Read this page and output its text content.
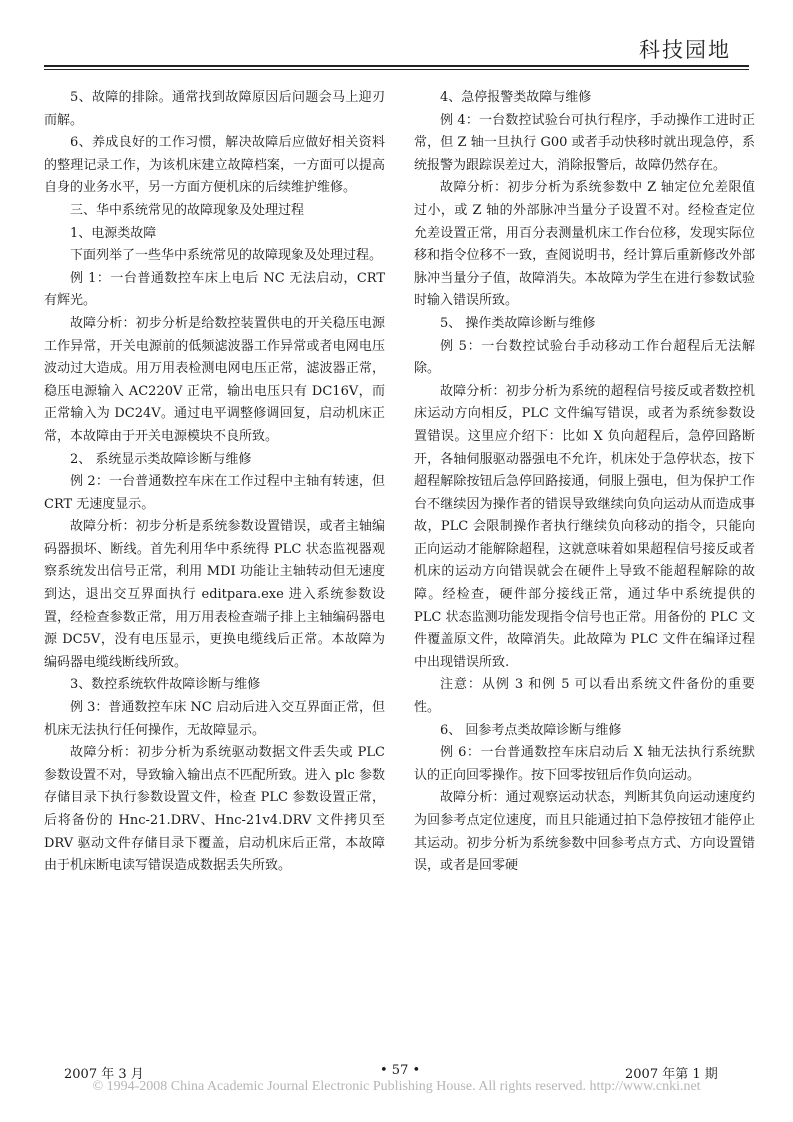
科技园地

5、故障的排除。通常找到故障原因后问题会马上迎刃而解。

6、养成良好的工作习惯，解决故障后应做好相关资料的整理记录工作，为该机床建立故障档案，一方面可以提高自身的业务水平，另一方面方便机床的后续维护维修。

三、华中系统常见的故障现象及处理过程

1、电源类故障

下面列举了一些华中系统常见的故障现象及处理过程。

例 1：一台普通数控车床上电后 NC 无法启动，CRT 有辉光。

故障分析：初步分析是给数控装置供电的开关稳压电源工作异常，开关电源前的低频滤波器工作异常或者电网电压波动过大造成。用万用表检测电网电压正常，滤波器正常，稳压电源输入 AC220V 正常，输出电压只有 DC16V，而正常输入为 DC24V。通过电平调整修调回复，启动机床正常，本故障由于开关电源模块不良所致。

2、 系统显示类故障诊断与维修

例 2：一台普通数控车床在工作过程中主轴有转速，但 CRT 无速度显示。

故障分析：初步分析是系统参数设置错误，或者主轴编码器损坏、断线。首先利用华中系统得 PLC 状态监视器观察系统发出信号正常，利用 MDI 功能让主轴转动但无速度到达，退出交互界面执行 editpara.exe 进入系统参数设置，经检查参数正常，用万用表检查端子排上主轴编码器电源 DC5V，没有电压显示，更换电缆线后正常。本故障为编码器电缆线断线所致。

3、数控系统软件故障诊断与维修

例 3：普通数控车床 NC 启动后进入交互界面正常，但机床无法执行任何操作，无故障显示。

故障分析：初步分析为系统驱动数据文件丢失或 PLC 参数设置不对，导致输入输出点不匹配所致。进入 plc 参数存储目录下执行参数设置文件，检查 PLC 参数设置正常，后将备份的 Hnc-21.DRV、Hnc-21v4.DRV 文件拷贝至 DRV 驱动文件存储目录下覆盖，启动机床后正常，本故障由于机床断电读写错误造成数据丢失所致。

4、急停报警类故障与维修

例 4：一台数控试验台可执行程序，手动操作工进时正常，但 Z 轴一旦执行 G00 或者手动快移时就出现急停，系统报警为跟踪误差过大，消除报警后，故障仍然存在。

故障分析：初步分析为系统参数中 Z 轴定位允差限值过小，或 Z 轴的外部脉冲当量分子设置不对。经检查定位允差设置正常，用百分表测量机床工作台位移，发现实际位移和指令位移不一致，查阅说明书，经计算后重新修改外部脉冲当量分子值，故障消失。本故障为学生在进行参数试验时输入错误所致。

5、 操作类故障诊断与维修

例 5：一台数控试验台手动移动工作台超程后无法解除。

故障分析：初步分析为系统的超程信号接反或者数控机床运动方向相反，PLC 文件编写错误，或者为系统参数设置错误。这里应介绍下：比如 X 负向超程后，急停回路断开，各轴伺服驱动器强电不允许，机床处于急停状态，按下超程解除按钮后急停回路接通，伺服上强电，但为保护工作台不继续因为操作者的错误导致继续向负向运动从而造成事故，PLC 会限制操作者执行继续负向移动的指令，只能向正向运动才能解除超程，这就意味着如果超程信号接反或者机床的运动方向错误就会在硬件上导致不能超程解除的故障。经检查，硬件部分接线正常，通过华中系统提供的 PLC 状态监测功能发现指令信号也正常。用备份的 PLC 文件覆盖原文件，故障消失。此故障为 PLC 文件在编译过程中出现错误所致.

注意：从例 3 和例 5 可以看出系统文件备份的重要性。

6、 回参考点类故障诊断与维修

例 6：一台普通数控车床启动后 X 轴无法执行系统默认的正向回零操作。按下回零按钮后作负向运动。

故障分析：通过观察运动状态，判断其负向运动速度约为回参考点定位速度，而且只能通过拍下急停按钮才能停止其运动。初步分析为系统参数中回参考点方式、方向设置错误，或者是回零硬

2007 年 3 月	• 57 •	2007 年第 1 期
© 1994-2008 China Academic Journal Electronic Publishing House. All rights reserved. http://www.cnki.net
